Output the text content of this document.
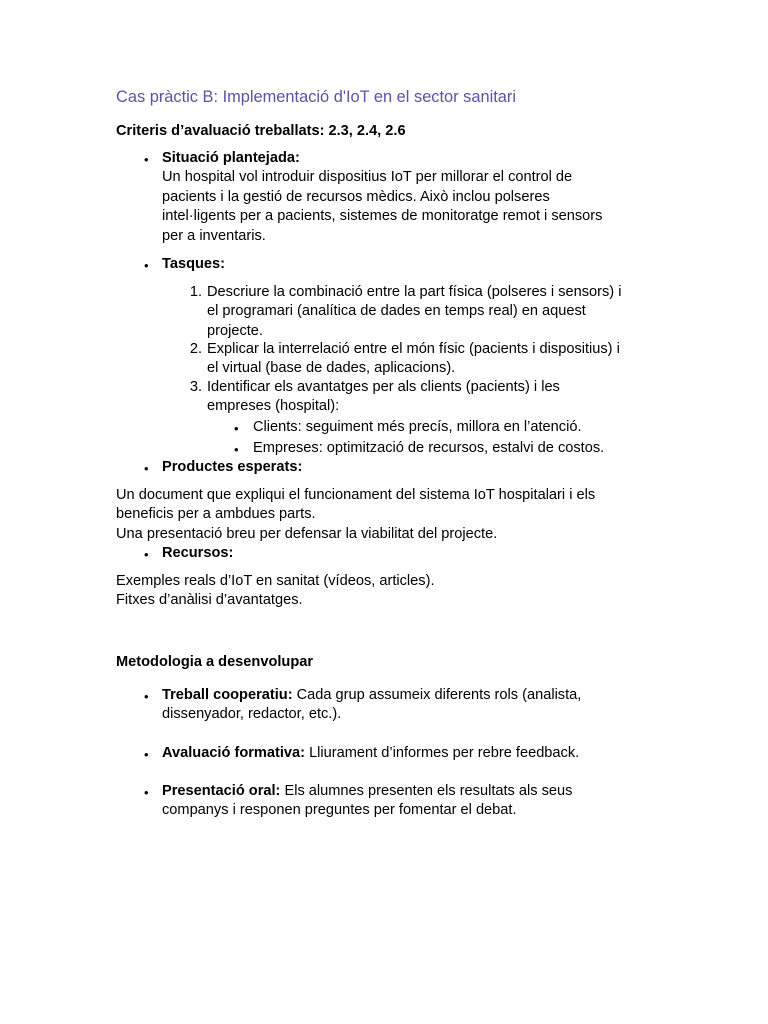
Cas pràctic B: Implementació d'IoT en el sector sanitari
Criteris d’avaluació treballats: 2.3, 2.4, 2.6
• Situació plantejada:
Un hospital vol introduir dispositius IoT per millorar el control de
pacients i la gestió de recursos mèdics. Això inclou polseres
intel·ligents per a pacients, sistemes de monitoratge remot i sensors
per a inventaris.
• Tasques:
1. Descriure la combinació entre la part física (polseres i sensors) i
el programari (analítica de dades en temps real) en aquest
projecte.
2. Explicar la interrelació entre el món físic (pacients i dispositius) i
el virtual (base de dades, aplicacions).
3. Identificar els avantatges per als clients (pacients) i les
empreses (hospital):
• Clients: seguiment més precís, millora en l’atenció.
• Empreses: optimització de recursos, estalvi de costos.
• Productes esperats:
Un document que expliqui el funcionament del sistema IoT hospitalari i els
beneficis per a ambdues parts.
Una presentació breu per defensar la viabilitat del projecte.
• Recursos:
Exemples reals d’IoT en sanitat (vídeos, articles).
Fitxes d’anàlisi d’avantatges.
Metodologia a desenvolupar
• Treball cooperatiu: Cada grup assumeix diferents rols (analista,
dissenyador, redactor, etc.).
• Avaluació formativa: Lliurament d’informes per rebre feedback.
• Presentació oral: Els alumnes presenten els resultats als seus
companys i responen preguntes per fomentar el debat.
